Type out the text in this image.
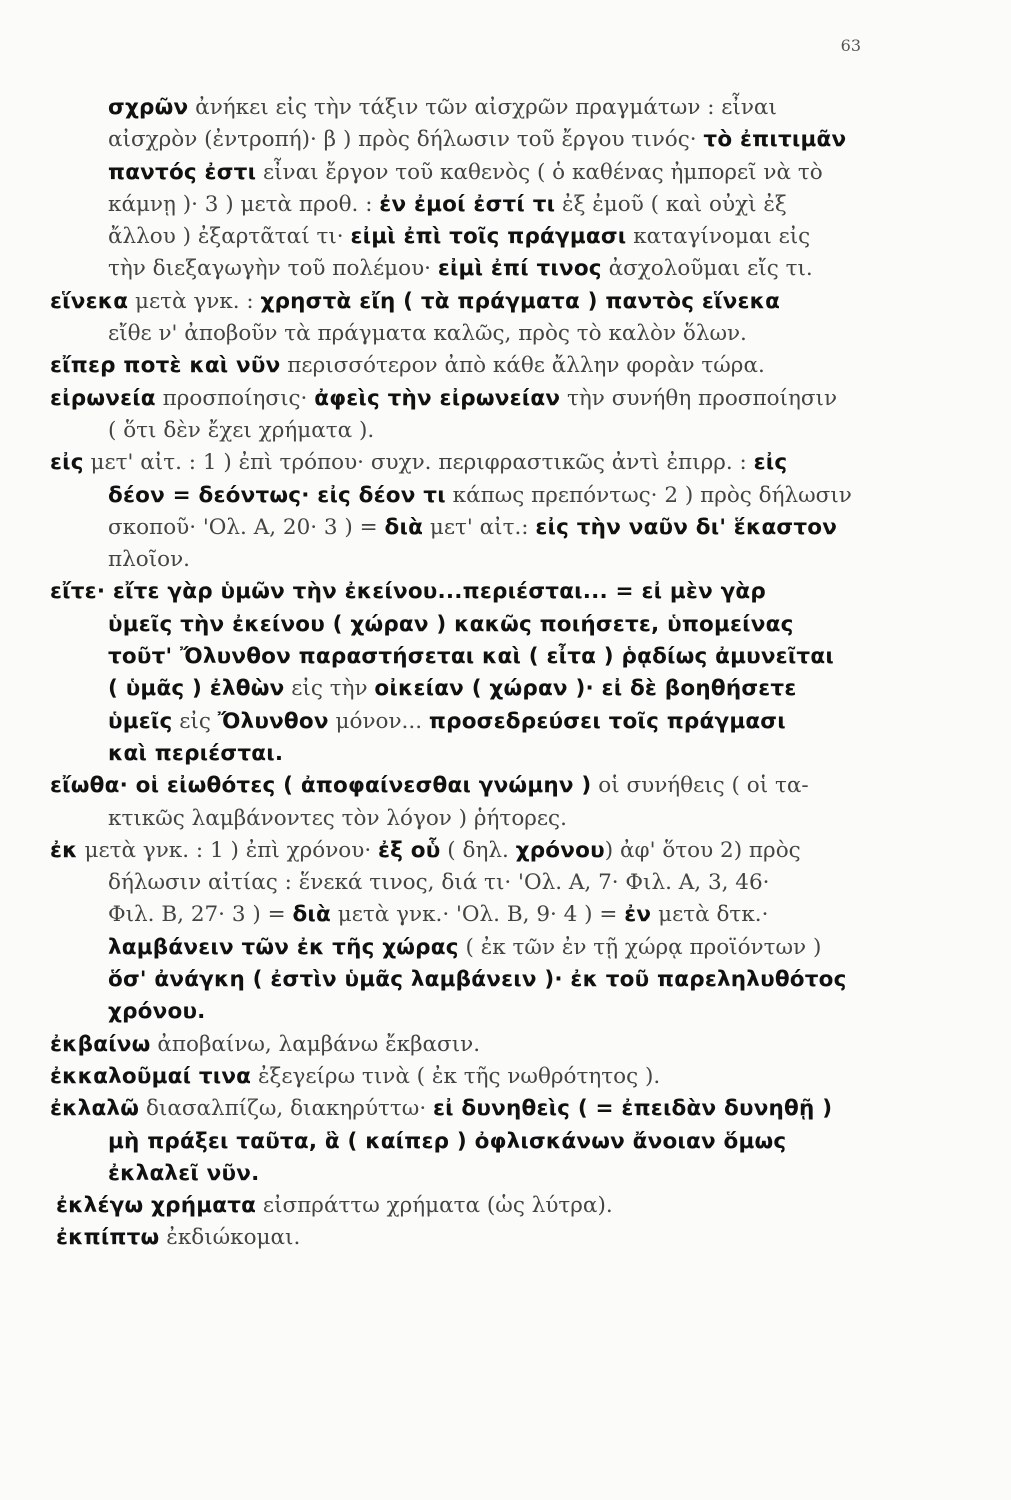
63
σχρῶν ἀνήκει εἰς τὴν τάξιν τῶν αἰσχρῶν πραγμάτων : εἶναι
αἰσχρὸν (ἐντροπή)· β ) πρὸς δήλωσιν τοῦ ἔργου τινός· τὸ ἐπιτιμᾶν
παντός ἐστι εἶναι ἔργον τοῦ καθενὸς ( ὁ καθένας ἠμπορεῖ νὰ τὸ
κάμνῃ )· 3 ) μετὰ προθ. : ἐν ἐμοί ἐστί τι ἐξ ἐμοῦ ( καὶ οὐχὶ ἐξ
ἄλλου ) ἐξαρτᾶταί τι· εἰμὶ ἐπὶ τοῖς πράγμασι καταγίνομαι εἰς
τὴν διεξαγωγὴν τοῦ πολέμου· εἰμὶ ἐπί τινος ἀσχολοῦμαι εἴς τι.
εἵνεκα μετὰ γνκ. : χρηστὰ εἴη ( τὰ πράγματα ) παντὸς εἵνεκα
εἴθε ν' ἀποβοῦν τὰ πράγματα καλῶς, πρὸς τὸ καλὸν ὅλων.
εἴπερ ποτὲ καὶ νῦν περισσότερον ἀπὸ κάθε ἄλλην φορὰν τώρα.
εἰρωνεία προσποίησις· ἀφεὶς τὴν εἰρωνείαν τὴν συνήθη προσποίησιν
( ὅτι δὲν ἔχει χρήματα ).
εἰς μετ' αἰτ. : 1 ) ἐπὶ τρόπου· συχν. περιφραστικῶς ἀντὶ ἐπιρρ. : εἰς
δέον = δεόντως· εἰς δέον τι κάπως πρεπόντως· 2 ) πρὸς δήλωσιν
σκοποῦ· 'Ολ. Α, 20· 3 ) = διὰ μετ' αἰτ.: εἰς τὴν ναῦν δι' ἕκαστον
πλοῖον.
εἴτε· εἴτε γὰρ ὑμῶν τὴν ἐκείνου...περιέσται... = εἰ μὲν γὰρ
ὑμεῖς τὴν ἐκείνου ( χώραν ) κακῶς ποιήσετε, ὑπομείνας
τοῦτ' Ὄλυνθον παραστήσεται καὶ ( εἶτα ) ῥᾳδίως ἀμυνεῖται
( ὑμᾶς ) ἐλθὼν εἰς τὴν οἰκείαν ( χώραν )· εἰ δὲ βοηθήσετε
ὑμεῖς εἰς Ὄλυνθον μόνον... προσεδρεύσει τοῖς πράγμασι
καὶ περιέσται.
εἴωθα· οἱ εἰωθότες ( ἀποφαίνεσθαι γνώμην ) οἱ συνήθεις ( οἱ τα-
κτικῶς λαμβάνοντες τὸν λόγον ) ῥήτορες.
ἐκ μετὰ γνκ. : 1 ) ἐπὶ χρόνου· ἐξ οὗ ( δηλ. χρόνου) ἀφ' ὅτου 2) πρὸς
δήλωσιν αἰτίας : ἕνεκά τινος, διά τι· 'Ολ. Α, 7· Φιλ. Α, 3, 46·
Φιλ. Β, 27· 3 ) = διὰ μετὰ γνκ.· 'Ολ. Β, 9· 4 ) = ἐν μετὰ δτκ.·
λαμβάνειν τῶν ἐκ τῆς χώρας ( ἐκ τῶν ἐν τῇ χώρᾳ προϊόντων )
ὅσ' ἀνάγκη ( ἐστὶν ὑμᾶς λαμβάνειν )· ἐκ τοῦ παρεληλυθότος
χρόνου.
ἐκβαίνω ἀποβαίνω, λαμβάνω ἔκβασιν.
ἐκκαλοῦμαί τινα ἐξεγείρω τινὰ ( ἐκ τῆς νωθρότητος ).
ἐκλαλῶ διασαλπίζω, διακηρύττω· εἰ δυνηθεὶς ( = ἐπειδὰν δυνηθῇ )
μὴ πράξει ταῦτα, ἃ ( καίπερ ) ὀφλισκάνων ἄνοιαν ὅμως
ἐκλαλεῖ νῦν.
ἐκλέγω χρήματα εἰσπράττω χρήματα (ὡς λύτρα).
ἐκπίπτω ἐκδιώκομαι.
